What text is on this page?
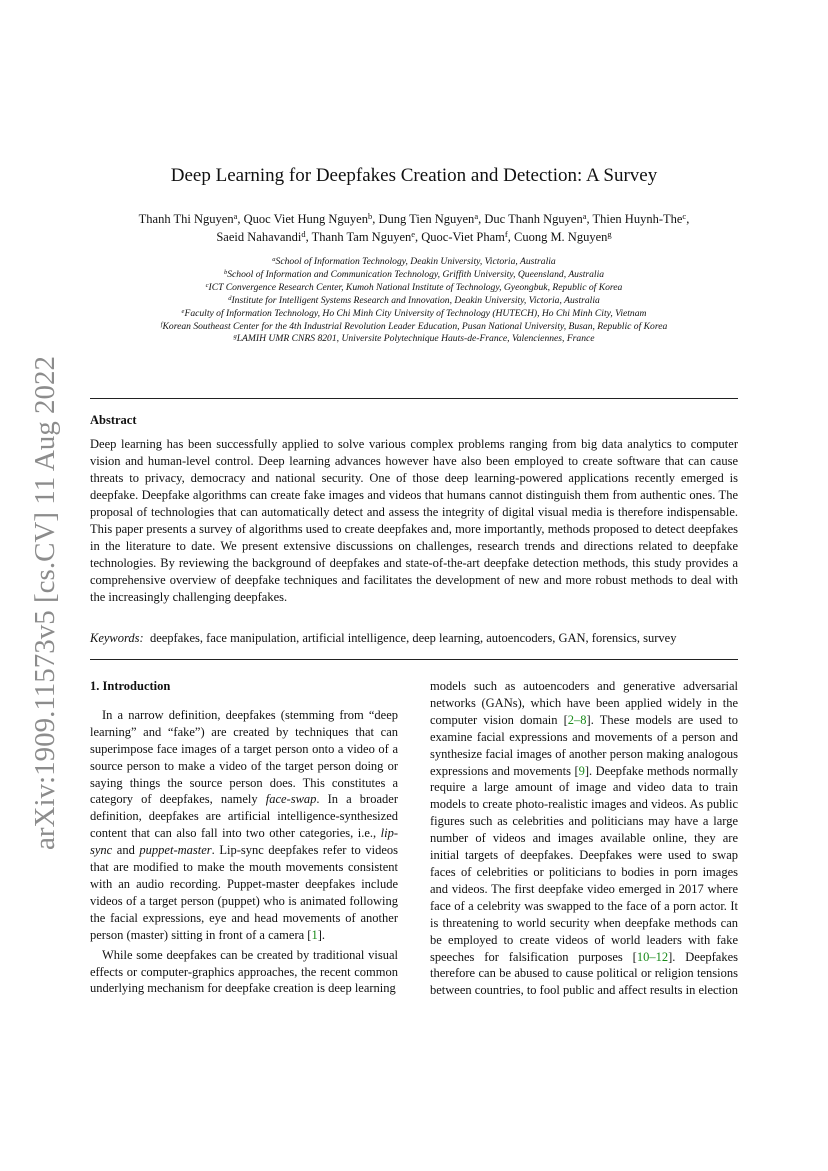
arXiv:1909.11573v5 [cs.CV] 11 Aug 2022
Deep Learning for Deepfakes Creation and Detection: A Survey
Thanh Thi Nguyen$^a$, Quoc Viet Hung Nguyen$^b$, Dung Tien Nguyen$^a$, Duc Thanh Nguyen$^a$, Thien Huynh-The$^c$,
Saeid Nahavandi$^d$, Thanh Tam Nguyen$^e$, Quoc-Viet Pham$^f$, Cuong M. Nguyen$^g$
$^a$School of Information Technology, Deakin University, Victoria, Australia
$^b$School of Information and Communication Technology, Griffith University, Queensland, Australia
$^c$ICT Convergence Research Center, Kumoh National Institute of Technology, Gyeongbuk, Republic of Korea
$^d$Institute for Intelligent Systems Research and Innovation, Deakin University, Victoria, Australia
$^e$Faculty of Information Technology, Ho Chi Minh City University of Technology (HUTECH), Ho Chi Minh City, Vietnam
$^f$Korean Southeast Center for the 4th Industrial Revolution Leader Education, Pusan National University, Busan, Republic of Korea
$^g$LAMIH UMR CNRS 8201, Universite Polytechnique Hauts-de-France, Valenciennes, France
Abstract
Deep learning has been successfully applied to solve various complex problems ranging from big data analytics to computer vision and human-level control. Deep learning advances however have also been employed to create software that can cause threats to privacy, democracy and national security. One of those deep learning-powered applications recently emerged is deepfake. Deepfake algorithms can create fake images and videos that humans cannot distinguish them from authentic ones. The proposal of technologies that can automatically detect and assess the integrity of digital visual media is therefore indispensable. This paper presents a survey of algorithms used to create deepfakes and, more importantly, methods proposed to detect deepfakes in the literature to date. We present extensive discussions on challenges, research trends and directions related to deepfake technologies. By reviewing the background of deepfakes and state-of-the-art deepfake detection methods, this study provides a comprehensive overview of deepfake techniques and facilitates the development of new and more robust methods to deal with the increasingly challenging deepfakes.
Keywords: deepfakes, face manipulation, artificial intelligence, deep learning, autoencoders, GAN, forensics, survey
1. Introduction

In a narrow definition, deepfakes (stemming from “deep learning” and “fake”) are created by techniques that can superimpose face images of a target person onto a video of a source person to make a video of the target person doing or saying things the source person does. This constitutes a category of deepfakes, namely face-swap. In a broader definition, deepfakes are artificial intelligence-synthesized content that can also fall into two other categories, i.e., lip-sync and puppet-master. Lip-sync deepfakes refer to videos that are modified to make the mouth movements consistent with an audio recording. Puppet-master deepfakes include videos of a target person (puppet) who is animated following the facial expressions, eye and head movements of another person (master) sitting in front of a camera [ 1 ] .

While some deepfakes can be created by traditional visual effects or computer-graphics approaches, the recent common underlying mechanism for deepfake creation is deep learning

models such as autoencoders and generative adversarial networks (GANs), which have been applied widely in the computer vision domain [ 2–8 ] . These models are used to examine facial expressions and movements of a person and synthesize facial images of another person making analogous expressions and movements [ 9 ] . Deepfake methods normally require a large amount of image and video data to train models to create photo-realistic images and videos. As public figures such as celebrities and politicians may have a large number of videos and images available online, they are initial targets of deepfakes. Deepfakes were used to swap faces of celebrities or politicians to bodies in porn images and videos. The first deepfake video emerged in 2017 where face of a celebrity was swapped to the face of a porn actor. It is threatening to world security when deepfake methods can be employed to create videos of world leaders with fake speeches for falsification purposes [ 10–12 ] . Deepfakes therefore can be abused to cause political or religion tensions between countries, to fool public and affect results in election
